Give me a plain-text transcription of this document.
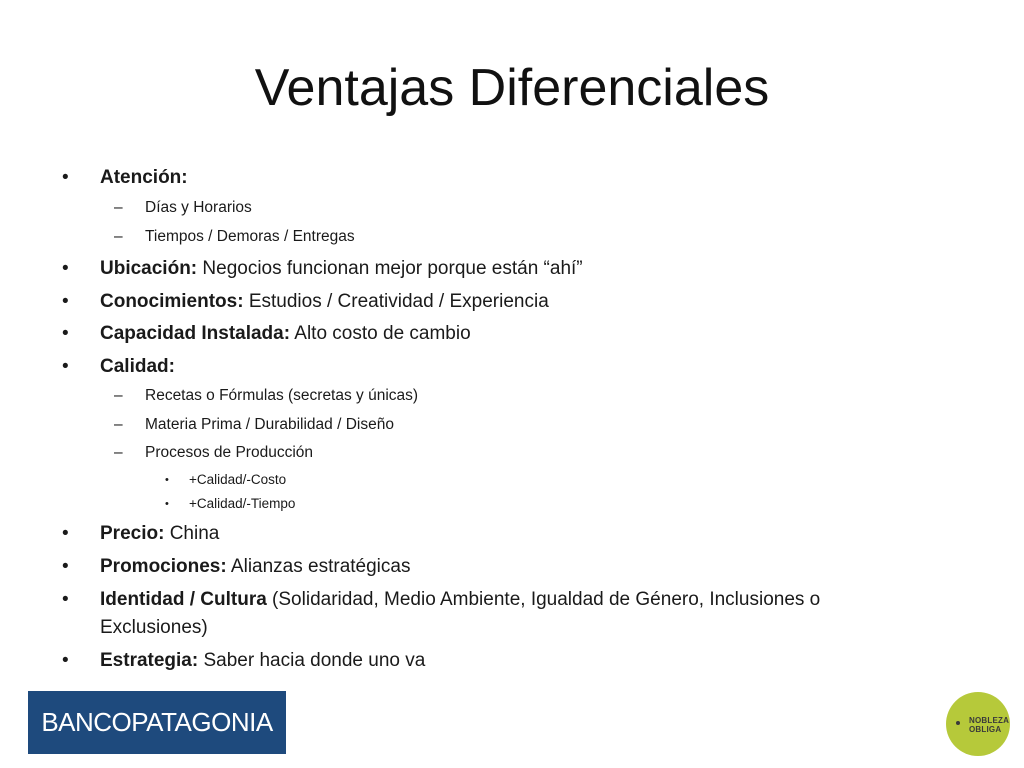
Ventajas Diferenciales
• Atención:
– Días y Horarios
– Tiempos / Demoras / Entregas
• Ubicación: Negocios funcionan mejor porque están “ahí”
• Conocimientos: Estudios / Creatividad / Experiencia
• Capacidad Instalada: Alto costo de cambio
• Calidad:
– Recetas o Fórmulas (secretas y únicas)
– Materia Prima / Durabilidad / Diseño
– Procesos de Producción
• +Calidad/-Costo
• +Calidad/-Tiempo
• Precio: China
• Promociones: Alianzas estratégicas
• Identidad / Cultura (Solidaridad, Medio Ambiente, Igualdad de Género, Inclusiones o
Exclusiones)
• Estrategia: Saber hacia donde uno va
BANCOPATAGONIA	NOBLEZA
OBLIGA
